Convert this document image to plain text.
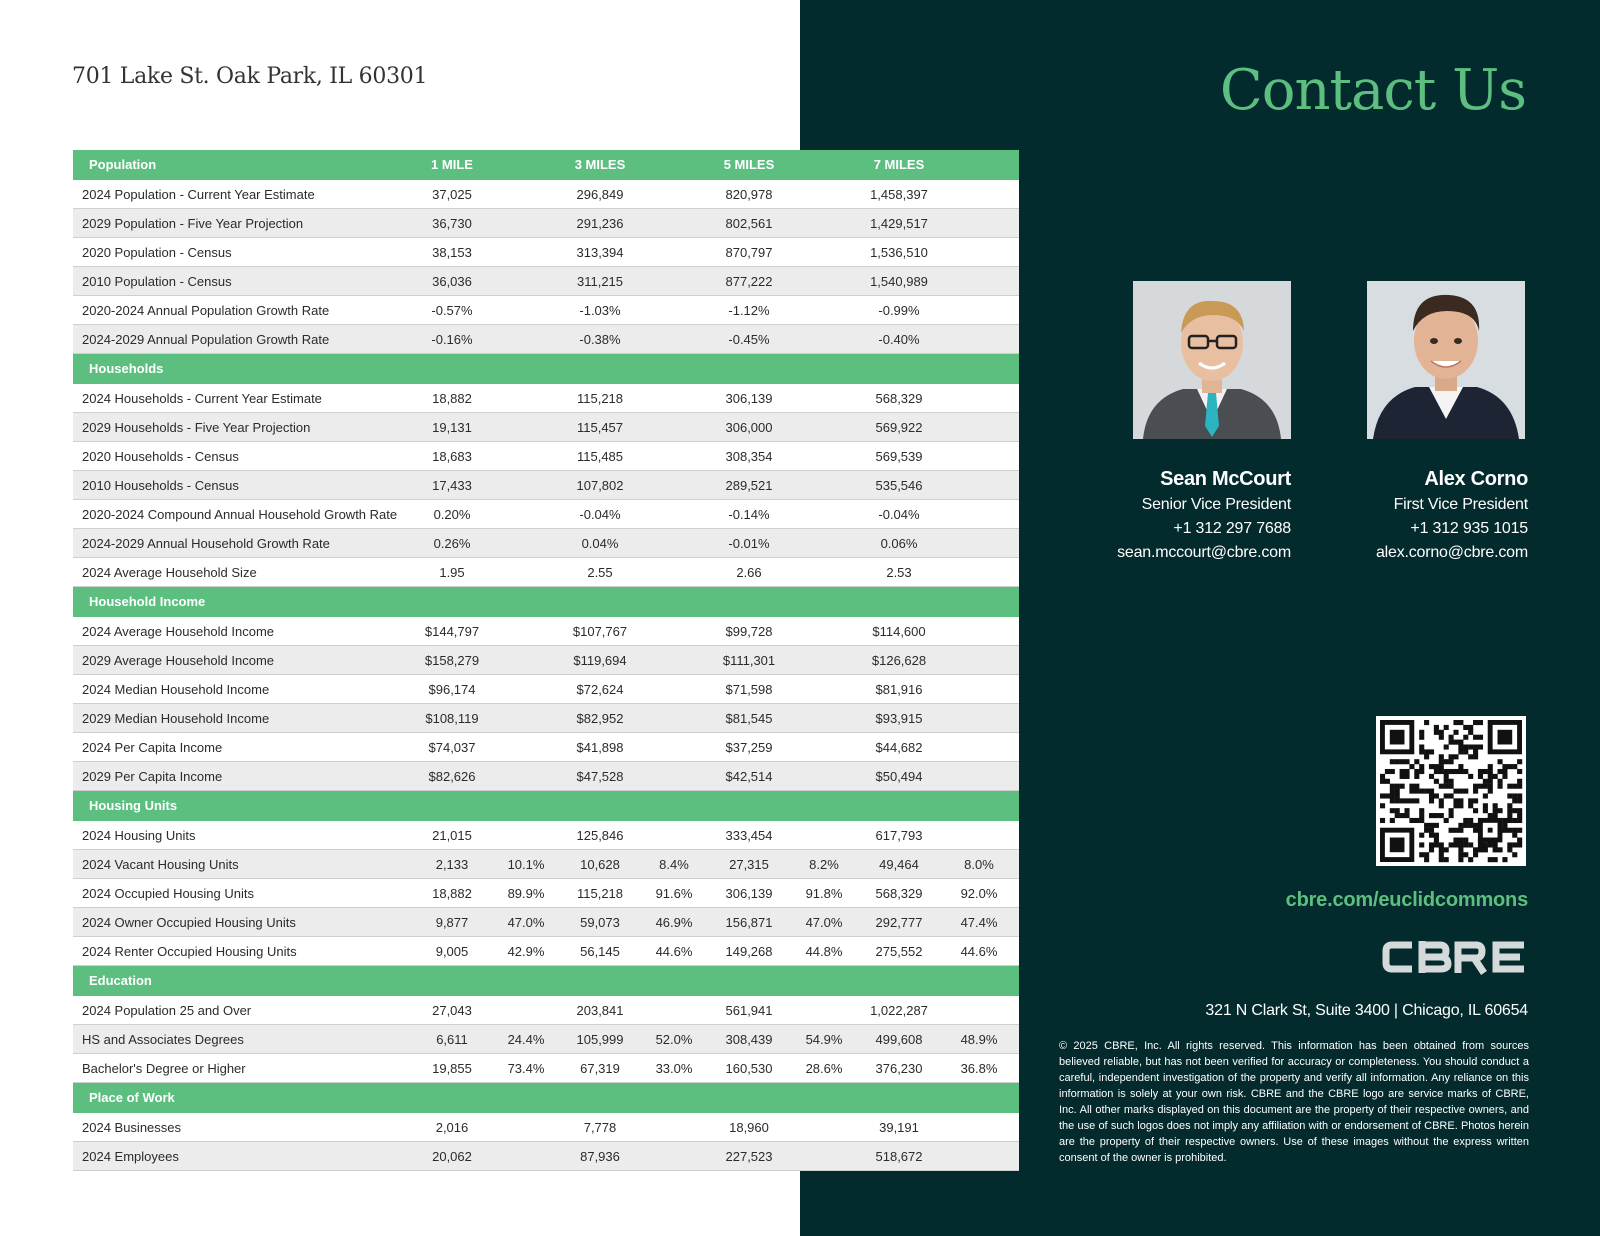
701 Lake St. Oak Park, IL 60301
Population	1 MILE		3 MILES		5 MILES		7 MILES	
2024 Population - Current Year Estimate	37,025		296,849		820,978		1,458,397	
2029 Population - Five Year Projection	36,730		291,236		802,561		1,429,517	
2020 Population - Census	38,153		313,394		870,797		1,536,510	
2010 Population - Census	36,036		311,215		877,222		1,540,989	
2020-2024 Annual Population Growth Rate	-0.57%		-1.03%		-1.12%		-0.99%	
2024-2029 Annual Population Growth Rate	-0.16%		-0.38%		-0.45%		-0.40%	
Households								
2024 Households - Current Year Estimate	18,882		115,218		306,139		568,329	
2029 Households - Five Year Projection	19,131		115,457		306,000		569,922	
2020 Households - Census	18,683		115,485		308,354		569,539	
2010 Households - Census	17,433		107,802		289,521		535,546	
2020-2024 Compound Annual Household Growth Rate	0.20%		-0.04%		-0.14%		-0.04%	
2024-2029 Annual Household Growth Rate	0.26%		0.04%		-0.01%		0.06%	
2024 Average Household Size	1.95		2.55		2.66		2.53	
Household Income								
2024 Average Household Income	$144,797		$107,767		$99,728		$114,600	
2029 Average Household Income	$158,279		$119,694		$111,301		$126,628	
2024 Median Household Income	$96,174		$72,624		$71,598		$81,916	
2029 Median Household Income	$108,119		$82,952		$81,545		$93,915	
2024 Per Capita Income	$74,037		$41,898		$37,259		$44,682	
2029 Per Capita Income	$82,626		$47,528		$42,514		$50,494	
Housing Units								
2024 Housing Units	21,015		125,846		333,454		617,793	
2024 Vacant Housing Units	2,133	10.1%	10,628	8.4%	27,315	8.2%	49,464	8.0%
2024 Occupied Housing Units	18,882	89.9%	115,218	91.6%	306,139	91.8%	568,329	92.0%
2024 Owner Occupied Housing Units	9,877	47.0%	59,073	46.9%	156,871	47.0%	292,777	47.4%
2024 Renter Occupied Housing Units	9,005	42.9%	56,145	44.6%	149,268	44.8%	275,552	44.6%
Education								
2024 Population 25 and Over	27,043		203,841		561,941		1,022,287	
HS and Associates Degrees	6,611	24.4%	105,999	52.0%	308,439	54.9%	499,608	48.9%
Bachelor's Degree or Higher	19,855	73.4%	67,319	33.0%	160,530	28.6%	376,230	36.8%
Place of Work								
2024 Businesses	2,016		7,778		18,960		39,191	
2024 Employees	20,062		87,936		227,523		518,672	
Contact Us
Sean McCourt
Senior Vice President
+1 312 297 7688
sean.mccourt@cbre.com
Alex Corno
First Vice President
+1 312 935 1015
alex.corno@cbre.com
cbre.com/euclidcommons
321 N Clark St, Suite 3400 | Chicago, IL 60654
© 2025 CBRE, Inc. All rights reserved. This information has been obtained from sources believed reliable, but has not been verified for accuracy or completeness. You should conduct a careful, independent investigation of the property and verify all information. Any reliance on this information is solely at your own risk. CBRE and the CBRE logo are service marks of CBRE, Inc. All other marks displayed on this document are the property of their respective owners, and the use of such logos does not imply any affiliation with or endorsement of CBRE. Photos herein are the property of their respective owners. Use of these images without the express written consent of the owner is prohibited.
